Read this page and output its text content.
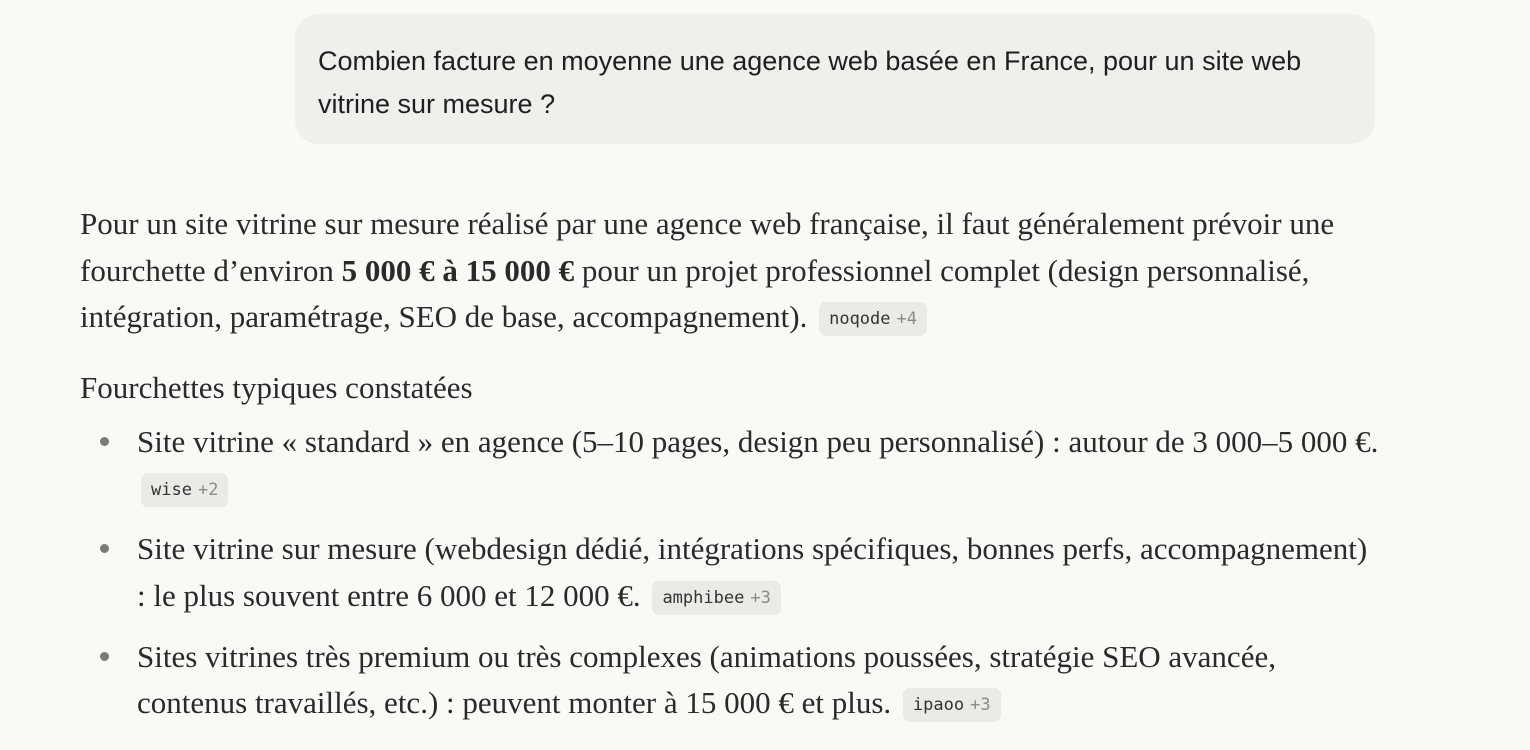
Combien facture en moyenne une agence web basée en France, pour un site web vitrine sur mesure ?

Pour un site vitrine sur mesure réalisé par une agence web française, il faut généralement prévoir une fourchette d’environ 5 000 € à 15 000 € pour un projet professionnel complet (design personnalisé, intégration, paramétrage, SEO de base, accompagnement). noqode +4

Fourchettes typiques constatées
Site vitrine « standard » en agence (5–10 pages, design peu personnalisé) : autour de 3 000–5 000 €. wise +2
Site vitrine sur mesure (webdesign dédié, intégrations spécifiques, bonnes perfs, accompagnement) : le plus souvent entre 6 000 et 12 000 €. amphibee +3
Sites vitrines très premium ou très complexes (animations poussées, stratégie SEO avancée, contenus travaillés, etc.) : peuvent monter à 15 000 € et plus. ipaoo +3
